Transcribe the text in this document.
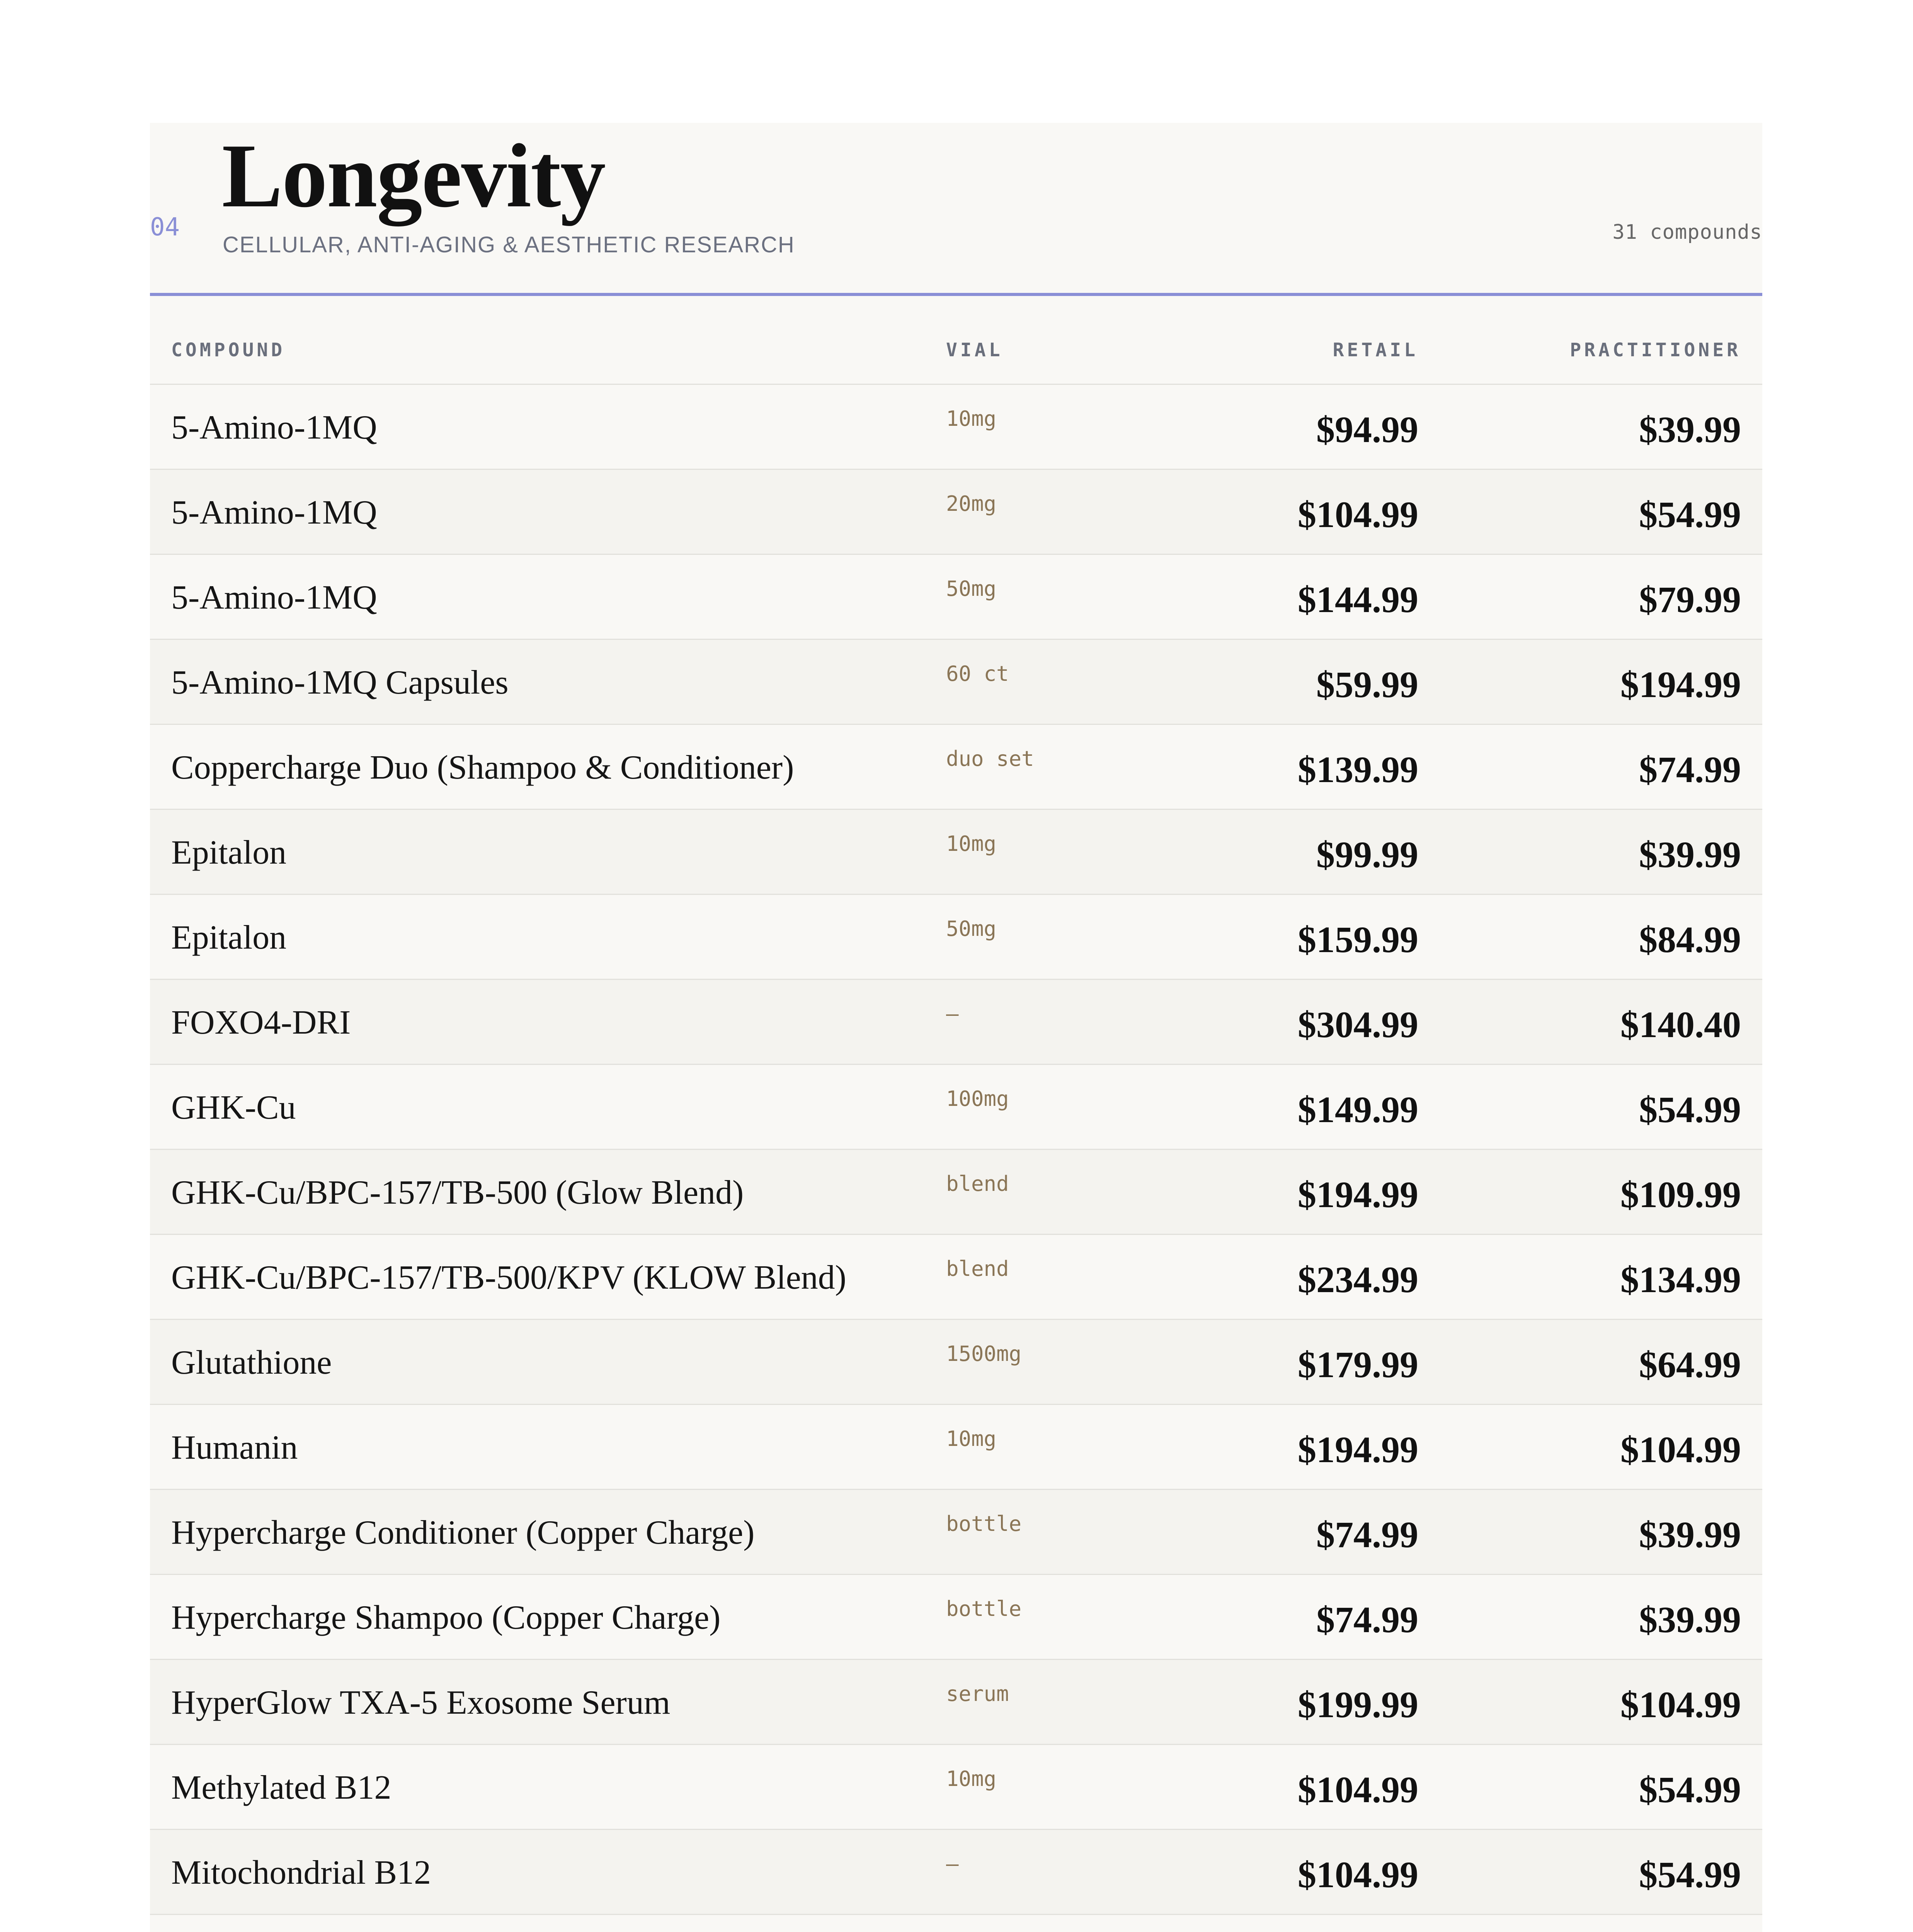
04
Longevity
CELLULAR, ANTI-AGING & AESTHETIC RESEARCH	31 compounds
COMPOUND	VIAL	RETAIL	PRACTITIONER
5-Amino-1MQ	10mg	$94.99	$39.99
5-Amino-1MQ	20mg	$104.99	$54.99
5-Amino-1MQ	50mg	$144.99	$79.99
5-Amino-1MQ Capsules	60 ct	$59.99	$194.99
Coppercharge Duo (Shampoo & Conditioner)	duo set	$139.99	$74.99
Epitalon	10mg	$99.99	$39.99
Epitalon	50mg	$159.99	$84.99
FOXO4-DRI	—	$304.99	$140.40
GHK-Cu	100mg	$149.99	$54.99
GHK-Cu/BPC-157/TB-500 (Glow Blend)	blend	$194.99	$109.99
GHK-Cu/BPC-157/TB-500/KPV (KLOW Blend)	blend	$234.99	$134.99
Glutathione	1500mg	$179.99	$64.99
Humanin	10mg	$194.99	$104.99
Hypercharge Conditioner (Copper Charge)	bottle	$74.99	$39.99
Hypercharge Shampoo (Copper Charge)	bottle	$74.99	$39.99
HyperGlow TXA-5 Exosome Serum	serum	$199.99	$104.99
Methylated B12	10mg	$104.99	$54.99
Mitochondrial B12	—	$104.99	$54.99
